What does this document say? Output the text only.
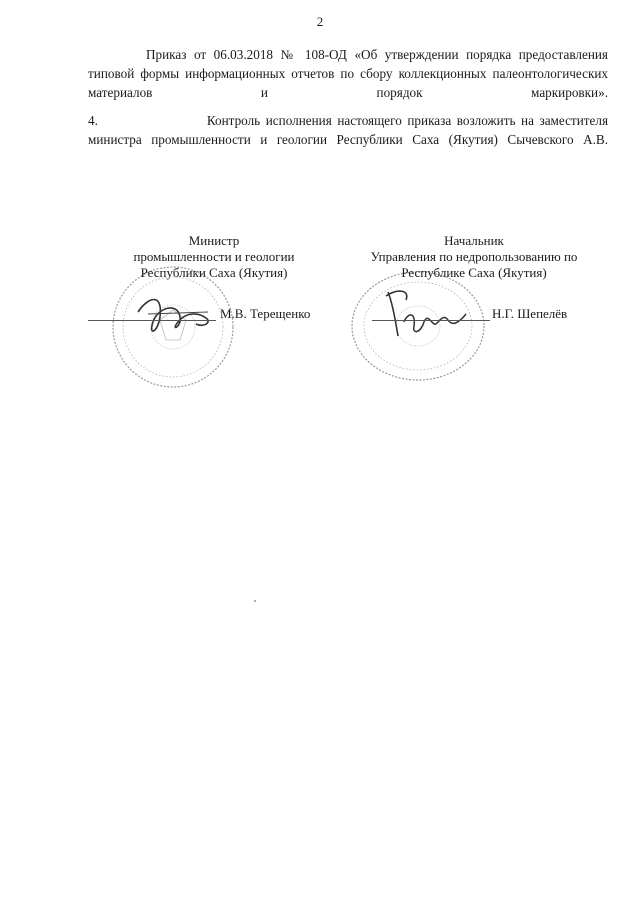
2
Приказ от 06.03.2018 № 108-ОД «Об утверждении порядка предоставления типовой формы информационных отчетов по сбору коллекционных палеонтологических материалов и порядок маркировки».
4.	Контроль исполнения настоящего приказа возложить на заместителя министра промышленности и геологии Республики Саха (Якутия) Сычевского А.В.
Министр
промышленности и геологии
Республики Саха (Якутия)
М.В. Терещенко
Начальник
Управления по недропользованию по
Республике Саха (Якутия)
Н.Г. Шепелёв
